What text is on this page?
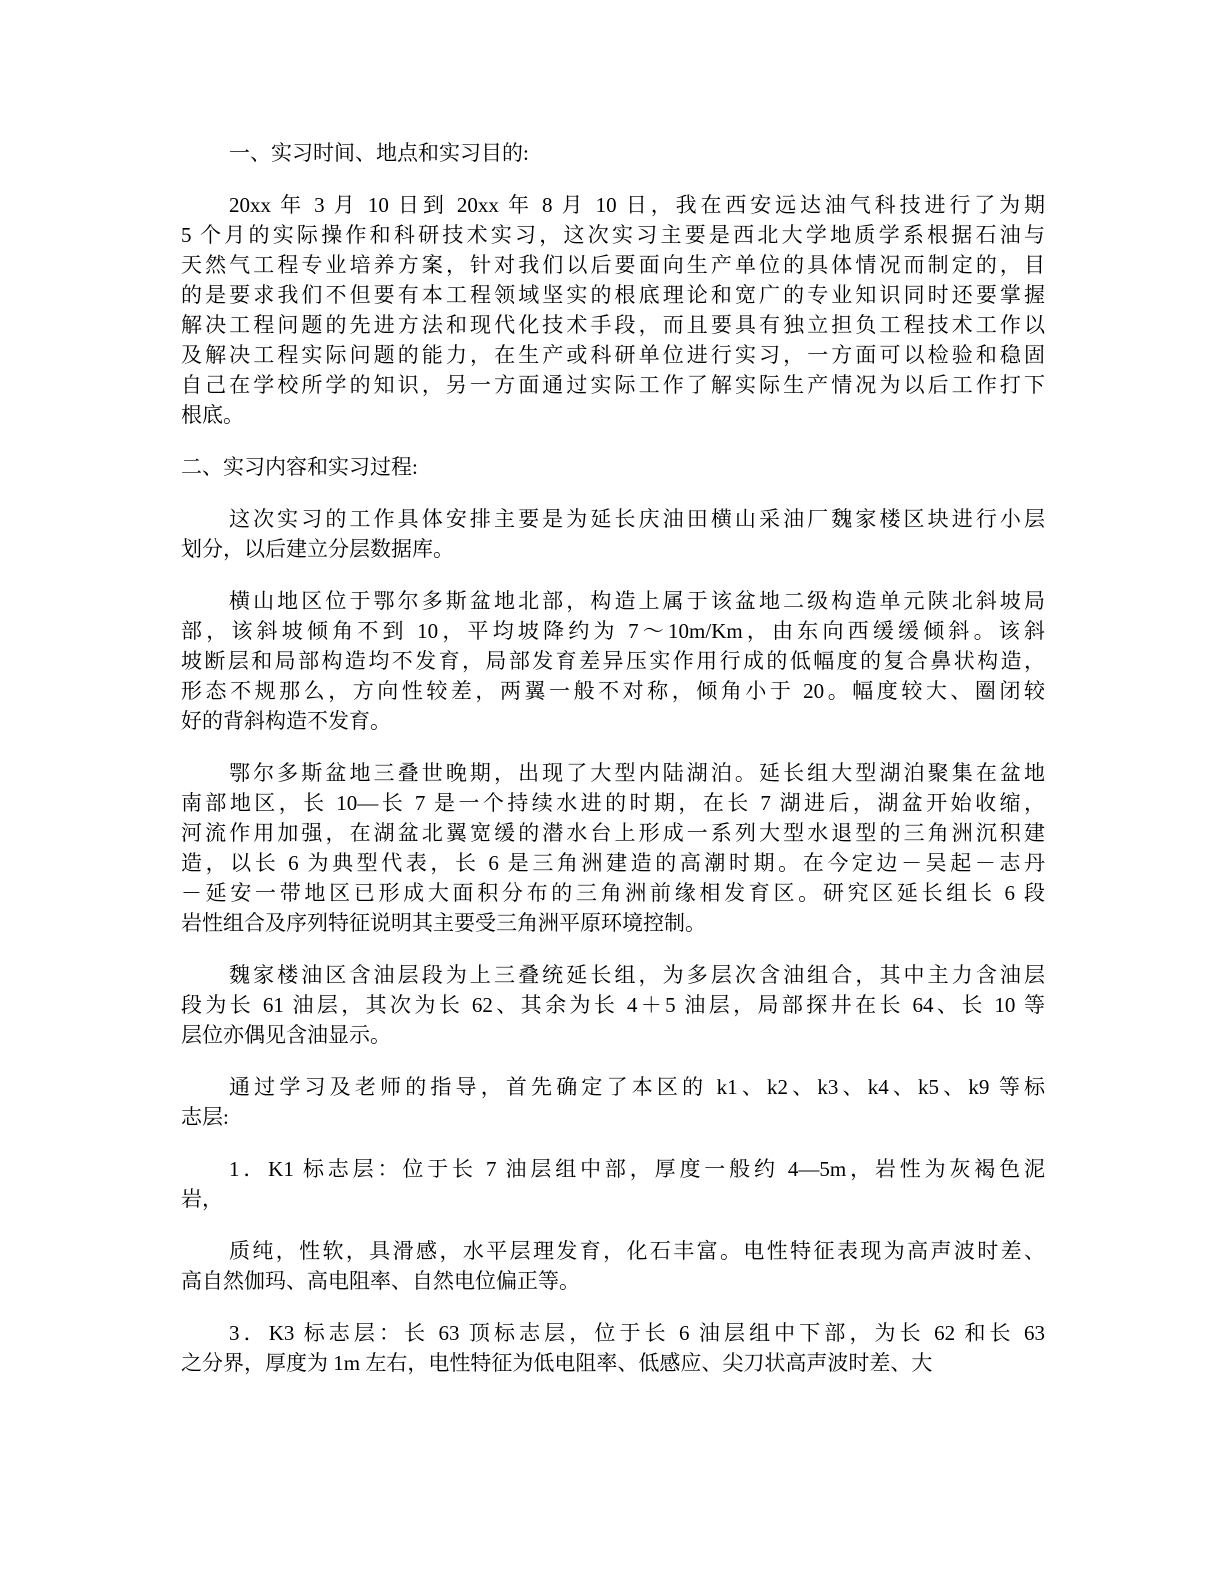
一、实习时间、地点和实习目的:

20xx 年 3 月 10 日到 20xx 年 8 月 10 日，我在西安远达油气科技进行了为期
5 个月的实际操作和科研技术实习，这次实习主要是西北大学地质学系根据石油与
天然气工程专业培养方案，针对我们以后要面向生产单位的具体情况而制定的，目
的是要求我们不但要有本工程领域坚实的根底理论和宽广的专业知识同时还要掌握
解决工程问题的先进方法和现代化技术手段，而且要具有独立担负工程技术工作以
及解决工程实际问题的能力，在生产或科研单位进行实习，一方面可以检验和稳固
自己在学校所学的知识，另一方面通过实际工作了解实际生产情况为以后工作打下
根底。

二、实习内容和实习过程:

这次实习的工作具体安排主要是为延长庆油田横山采油厂魏家楼区块进行小层
划分，以后建立分层数据库。

横山地区位于鄂尔多斯盆地北部，构造上属于该盆地二级构造单元陕北斜坡局
部，该斜坡倾角不到 10，平均坡降约为 7～10m/Km，由东向西缓缓倾斜。该斜
坡断层和局部构造均不发育，局部发育差异压实作用行成的低幅度的复合鼻状构造，
形态不规那么，方向性较差，两翼一般不对称，倾角小于 20。幅度较大、圈闭较
好的背斜构造不发育。

鄂尔多斯盆地三叠世晚期，出现了大型内陆湖泊。延长组大型湖泊聚集在盆地
南部地区，长 10—长 7 是一个持续水进的时期，在长 7 湖进后，湖盆开始收缩，
河流作用加强，在湖盆北翼宽缓的潜水台上形成一系列大型水退型的三角洲沉积建
造，以长 6 为典型代表，长 6 是三角洲建造的高潮时期。在今定边－吴起－志丹
－延安一带地区已形成大面积分布的三角洲前缘相发育区。研究区延长组长 6 段
岩性组合及序列特征说明其主要受三角洲平原环境控制。

魏家楼油区含油层段为上三叠统延长组，为多层次含油组合，其中主力含油层
段为长 61 油层，其次为长 62、其余为长 4＋5 油层，局部探井在长 64、长 10 等
层位亦偶见含油显示。

通过学习及老师的指导，首先确定了本区的 k1、k2、k3、k4、k5、k9 等标
志层:

1．K1 标志层：位于长 7 油层组中部，厚度一般约 4—5m，岩性为灰褐色泥
岩，

质纯，性软，具滑感，水平层理发育，化石丰富。电性特征表现为高声波时差、
高自然伽玛、高电阻率、自然电位偏正等。

3．K3 标志层：长 63 顶标志层，位于长 6 油层组中下部，为长 62 和长 63
之分界，厚度为 1m 左右，电性特征为低电阻率、低感应、尖刀状高声波时差、大
